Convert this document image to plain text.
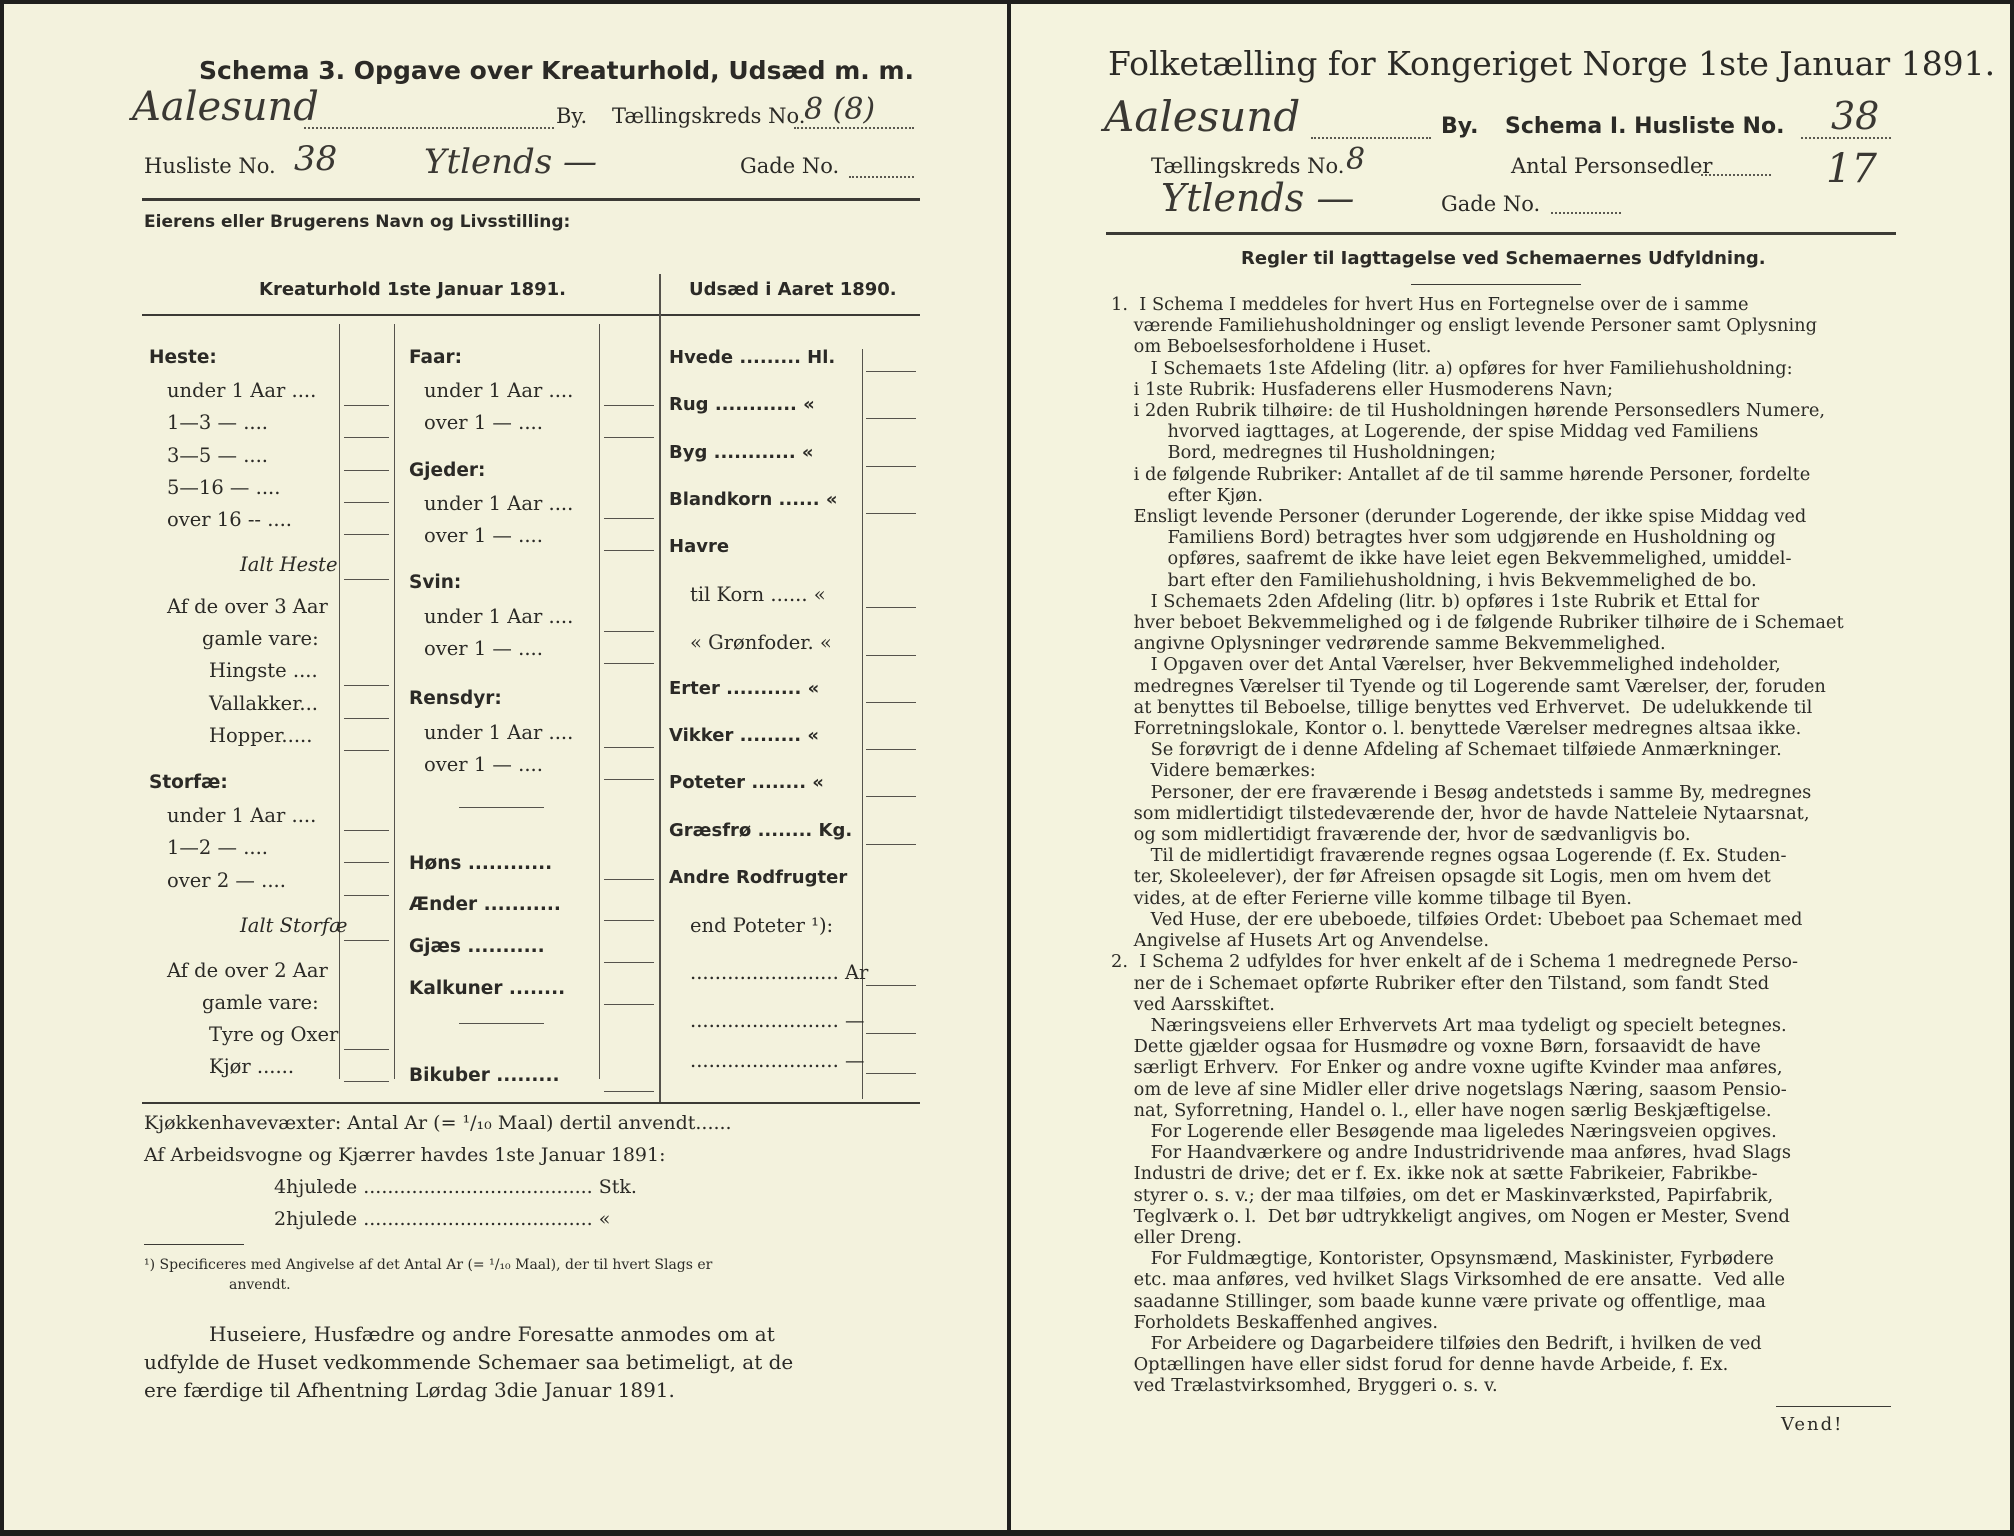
Schema 3. Opgave over Kreaturhold, Udsæd m. m.
Aalesund	By. Tællingskreds No.
8 (8)
Husliste No. 38	Ytlends —	Gade No.
Eierens eller Brugerens Navn og Livsstilling:
Kreaturhold 1ste Januar 1891.	Udsæd i Aaret 1890.
Kjøkkenhavevæxter: Antal Ar (= ¹/₁₀ Maal) dertil anvendt......
Af Arbeidsvogne og Kjærrer havdes 1ste Januar 1891:
4hjulede ...................................... Stk.
2hjulede ...................................... «
¹) Specificeres med Angivelse af det Antal Ar (= ¹/₁₀ Maal), der til hvert Slags er
anvendt.
Huseiere, Husfædre og andre Foresatte anmodes om at
udfylde de Huset vedkommende Schemaer saa betimeligt, at de
ere færdige til Afhentning Lørdag 3die Januar 1891.
Heste:
under 1 Aar ....
1—3 — ....
3—5 — ....
5—16 — ....
over 16 -- ....
Ialt Heste
Af de over 3 Aar
gamle vare:
Hingste ....
Vallakker...
Hopper.....
Storfæ:
under 1 Aar ....
1—2 — ....
over 2 — ....
Ialt Storfæ
Af de over 2 Aar
gamle vare:
Tyre og Oxer
Kjør ......
Faar:
under 1 Aar ....
over 1 — ....
Gjeder:
under 1 Aar ....
over 1 — ....
Svin:
under 1 Aar ....
over 1 — ....
Rensdyr:
under 1 Aar ....
over 1 — ....
Høns ............
Ænder ...........
Gjæs ...........
Kalkuner ........
Bikuber .........
Hvede ......... Hl.
Rug ............ «
Byg ............ «
Blandkorn ...... «
Havre
til Korn ...... «
« Grønfoder. «
Erter ........... «
Vikker ......... «
Poteter ........ «
Græsfrø ........ Kg.
Andre Rodfrugter
end Poteter ¹):
........................ Ar
........................ —
........................ —
Folketælling for Kongeriget Norge 1ste Januar 1891.
Aalesund	By. Schema I. Husliste No. 38
Tællingskreds No. 8	Antal Personsedler	17
Ytlends —	Gade No.
Regler til Iagttagelse ved Schemaernes Udfyldning.

1.  I Schema I meddeles for hvert Hus en Fortegnelse over de i samme

værende Familiehusholdninger og ensligt levende Personer samt Oplysning

om Beboelsesforholdene i Huset.

I Schemaets 1ste Afdeling (litr. a) opføres for hver Familiehusholdning:

i 1ste Rubrik: Husfaderens eller Husmoderens Navn;

i 2den Rubrik tilhøire: de til Husholdningen hørende Personsedlers Numere,

hvorved iagttages, at Logerende, der spise Middag ved Familiens

Bord, medregnes til Husholdningen;

i de følgende Rubriker: Antallet af de til samme hørende Personer, fordelte

efter Kjøn.

Ensligt levende Personer (derunder Logerende, der ikke spise Middag ved

Familiens Bord) betragtes hver som udgjørende en Husholdning og

opføres, saafremt de ikke have leiet egen Bekvemmelighed, umiddel-

bart efter den Familiehusholdning, i hvis Bekvemmelighed de bo.

I Schemaets 2den Afdeling (litr. b) opføres i 1ste Rubrik et Ettal for

hver beboet Bekvemmelighed og i de følgende Rubriker tilhøire de i Schemaet

angivne Oplysninger vedrørende samme Bekvemmelighed.

I Opgaven over det Antal Værelser, hver Bekvemmelighed indeholder,

medregnes Værelser til Tyende og til Logerende samt Værelser, der, foruden

at benyttes til Beboelse, tillige benyttes ved Erhvervet.  De udelukkende til

Forretningslokale, Kontor o. l. benyttede Værelser medregnes altsaa ikke.

Se forøvrigt de i denne Afdeling af Schemaet tilføiede Anmærkninger.

Videre bemærkes:

Personer, der ere fraværende i Besøg andetsteds i samme By, medregnes

som midlertidigt tilstedeværende der, hvor de havde Natteleie Nytaarsnat,

og som midlertidigt fraværende der, hvor de sædvanligvis bo.

Til de midlertidigt fraværende regnes ogsaa Logerende (f. Ex. Studen-

ter, Skoleelever), der før Afreisen opsagde sit Logis, men om hvem det

vides, at de efter Ferierne ville komme tilbage til Byen.

Ved Huse, der ere ubeboede, tilføies Ordet: Ubeboet paa Schemaet med

Angivelse af Husets Art og Anvendelse.

2.  I Schema 2 udfyldes for hver enkelt af de i Schema 1 medregnede Perso-

ner de i Schemaet opførte Rubriker efter den Tilstand, som fandt Sted

ved Aarsskiftet.

Næringsveiens eller Erhvervets Art maa tydeligt og specielt betegnes.

Dette gjælder ogsaa for Husmødre og voxne Børn, forsaavidt de have

særligt Erhverv.  For Enker og andre voxne ugifte Kvinder maa anføres,

om de leve af sine Midler eller drive nogetslags Næring, saasom Pensio-

nat, Syforretning, Handel o. l., eller have nogen særlig Beskjæftigelse.

For Logerende eller Besøgende maa ligeledes Næringsveien opgives.

For Haandværkere og andre Industridrivende maa anføres, hvad Slags

Industri de drive; det er f. Ex. ikke nok at sætte Fabrikeier, Fabrikbe-

styrer o. s. v.; der maa tilføies, om det er Maskinværksted, Papirfabrik,

Teglværk o. l.  Det bør udtrykkeligt angives, om Nogen er Mester, Svend

eller Dreng.

For Fuldmægtige, Kontorister, Opsynsmænd, Maskinister, Fyrbødere

etc. maa anføres, ved hvilket Slags Virksomhed de ere ansatte.  Ved alle

saadanne Stillinger, som baade kunne være private og offentlige, maa

Forholdets Beskaffenhed angives.

For Arbeidere og Dagarbeidere tilføies den Bedrift, i hvilken de ved

Optællingen have eller sidst forud for denne havde Arbeide, f. Ex.

ved Trælastvirksomhed, Bryggeri o. s. v.

Vend!
